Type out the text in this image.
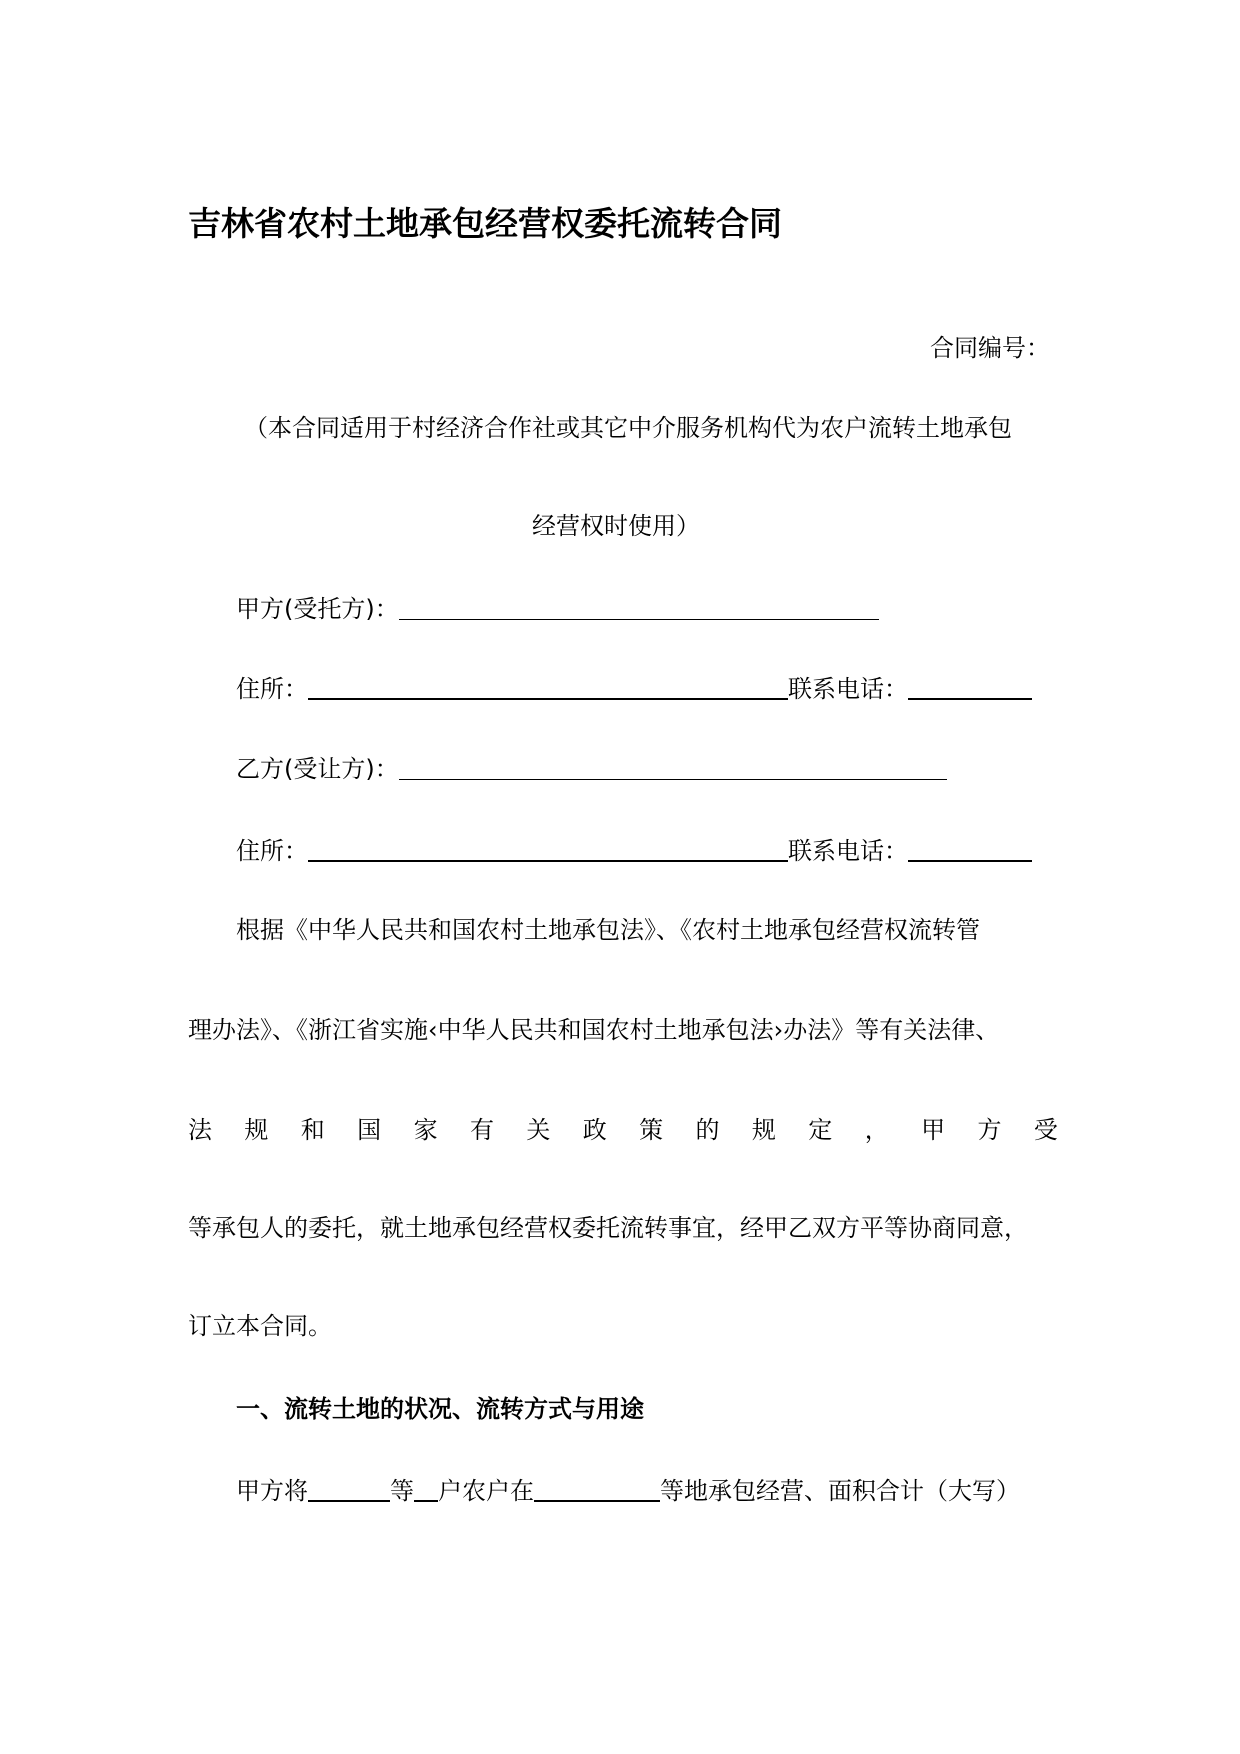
吉林省农村土地承包经营权委托流转合同
合同编号：
（本合同适用于村经济合作社或其它中介服务机构代为农户流转土地承包
经营权时使用）
甲方(受托方)：
住所：	联系电话：
乙方(受让方)：
住所：	联系电话：
根据《中华人民共和国农村土地承包法》、《农村土地承包经营权流转管
理办法》、《浙江省实施‹中华人民共和国农村土地承包法›办法》等有关法律、
法 规 和 国 家 有 关 政 策 的 规 定 ， 甲 方 受
等承包人的委托，就土地承包经营权委托流转事宜，经甲乙双方平等协商同意，
订立本合同。
一、流转土地的状况、流转方式与用途
甲方将	等 户农户在	等地承包经营、面积合计（大写）
